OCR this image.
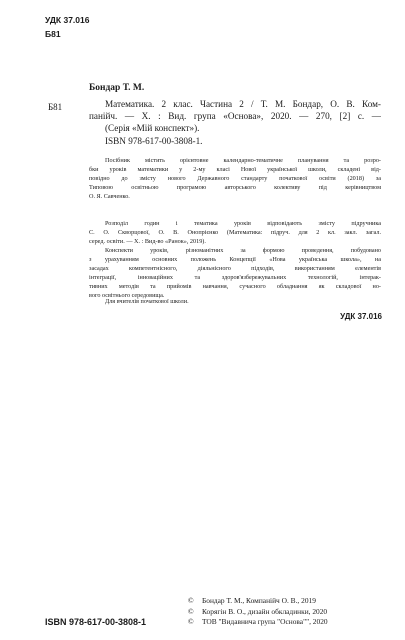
УДК 37.016

Б81

Бондар Т. М.

Б81	Математика. 2 клас. Частина 2 / Т. М. Бондар, О. В. Ком-
панійч. — Х. : Вид. група «Основа», 2020. — 270, [2] с. —
(Серія «Мій конспект»).

ISBN 978-617-00-3808-1.

Посібник містить орієнтовне календарно-тематичне планування та розро-
бки уроків математики у 2-му класі Нової української школи, складені від-
повідно до змісту нового Державного стандарту початкової освіти (2018) за
Типовою освітньою програмою авторського колективу під керівництвом
О. Я. Савченко.
Розподіл годин і тематика уроків відповідають змісту підручника
С. О. Скворцової, О. В. Онопрієнко (Математика: підруч. для 2 кл. закл. загал.
серед. освіти. — Х. : Вид-во «Ранок», 2019).
Конспекти уроків, різноманітних за формою проведення, побудовано
з урахуванням основних положень Концепції «Нова українська школа», на
засадах компетентнісного, діяльнісного підходів, використанням елементів
інтеграції, інноваційних та здоров'язбережувальних технологій, інтерак-
тивних методів та прийомів навчання, сучасного обладнання як складової но-
вого освітнього середовища.

Для вчителів початкової школи.

УДК 37.016

ISBN 978-617-00-3808-1

© Бондар Т. М., Компанійч О. В., 2019
© Корягін В. О., дизайн обкладинки, 2020
© ТОВ "Видавнича група "Основа"", 2020
